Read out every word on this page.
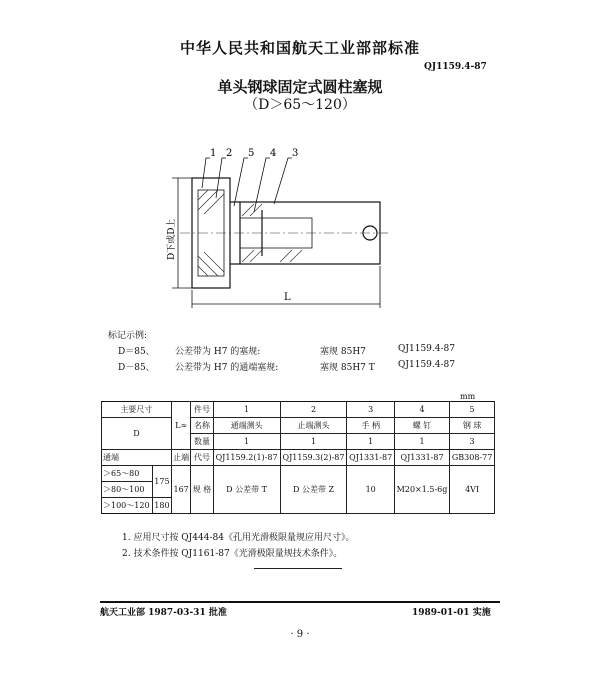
中华人民共和国航天工业部部标准
QJ1159.4-87
单头钢球固定式圆柱塞规
（D＞65～120）
1 2 5 4 3
D下或D上
L
标记示例:
D＝85、 公差带为 H7 的塞规:	塞规 85H7	QJ1159.4-87
D－85、 公差带为 H7 的通端塞规:	塞规 85H7 T	QJ1159.4-87
mm
主要尺寸		L≈	件号	1	2	3	4	5
D			名称	通端测头	止端测头	手 柄	螺 钉	钢 球
			数量	1	1	1	1	3
通端		止端	代号	QJ1159.2(1)-87	QJ1159.3(2)-87	QJ1331-87	QJ1331-87	GB308-77
＞65～80	175	167	规 格	D 公差带 T	D 公差带 Z	10	M20×1.5-6g	4VI
＞80～100								
＞100～120	180							
1. 应用尺寸按 QJ444-84《孔用光滑极限量规应用尺寸》。
2. 技术条件按 QJ1161-87《光滑极限量规技术条件》。
航天工业部 1987-03-31 批准	1989-01-01 实施
· 9 ·
